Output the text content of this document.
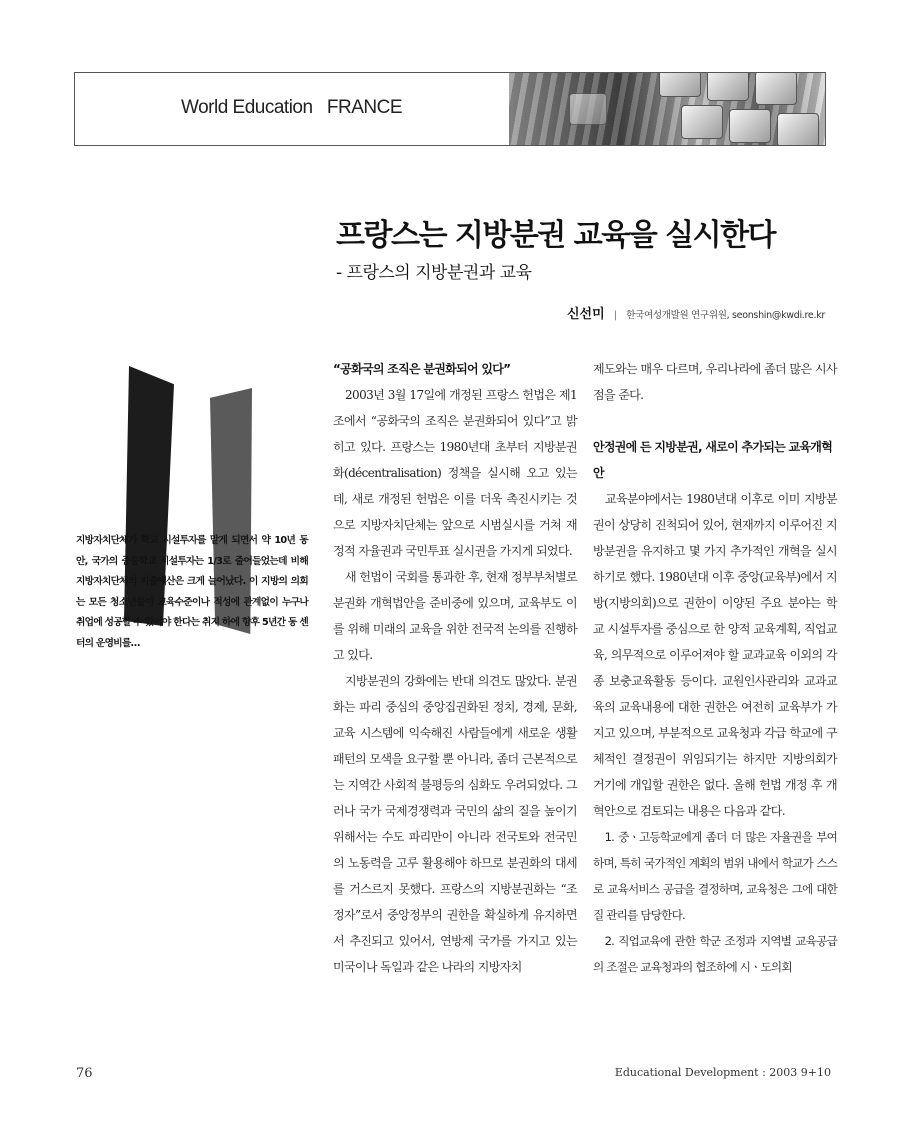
World Education   FRANCE
프랑스는 지방분권 교육을 실시한다
- 프랑스의 지방분권과 교육
신선미 | 한국여성개발원 연구위원, seonshin@kwdi.re.kr
지방자치단체가 학교 시설투자를 맡게 되면서 약 10년 동안, 국가의 중등학교 시설투자는 1/3로 줄어들었는데 비해 지방자치단체의 지출예산은 크게 늘어났다. 이 지방의 의회는 모든 청소년들이 교육수준이나 적성에 관계없이 누구나 취업에 성공할 수 있어야 한다는 취지 하에 향후 5년간 동 센터의 운영비를…
“공화국의 조직은 분권화되어 있다”

2003년 3월 17일에 개정된 프랑스 헌법은 제1조에서 “공화국의 조직은 분권화되어 있다”고 밝히고 있다. 프랑스는 1980년대 초부터 지방분권화(décentralisation) 정책을 실시해 오고 있는데, 새로 개정된 헌법은 이를 더욱 촉진시키는 것으로 지방자치단체는 앞으로 시범실시를 거쳐 재정적 자율권과 국민투표 실시권을 가지게 되었다.

새 헌법이 국회를 통과한 후, 현재 정부부처별로 분권화 개혁법안을 준비중에 있으며, 교육부도 이를 위해 미래의 교육을 위한 전국적 논의를 진행하고 있다.

지방분권의 강화에는 반대 의견도 많았다. 분권화는 파리 중심의 중앙집권화된 정치, 경제, 문화, 교육 시스템에 익숙해진 사람들에게 새로운 생활패턴의 모색을 요구할 뿐 아니라, 좀더 근본적으로는 지역간 사회적 불평등의 심화도 우려되었다. 그러나 국가 국제경쟁력과 국민의 삶의 질을 높이기 위해서는 수도 파리만이 아니라 전국토와 전국민의 노동력을 고루 활용해야 하므로 분권화의 대세를 거스르지 못했다. 프랑스의 지방분권화는 “조정자”로서 중앙정부의 권한을 확실하게 유지하면서 추진되고 있어서, 연방제 국가를 가지고 있는 미국이나 독일과 같은 나라의 지방자치

제도와는 매우 다르며, 우리나라에 좀더 많은 시사점을 준다.

안정권에 든 지방분권, 새로이 추가되는 교육개혁안

교육분야에서는 1980년대 이후로 이미 지방분권이 상당히 진척되어 있어, 현재까지 이루어진 지방분권을 유지하고 몇 가지 추가적인 개혁을 실시하기로 했다. 1980년대 이후 중앙(교육부)에서 지방(지방의회)으로 권한이 이양된 주요 분야는 학교 시설투자를 중심으로 한 양적 교육계획, 직업교육, 의무적으로 이루어져야 할 교과교육 이외의 각종 보충교육활동 등이다. 교원인사관리와 교과교육의 교육내용에 대한 권한은 여전히 교육부가 가지고 있으며, 부분적으로 교육청과 각급 학교에 구체적인 결정권이 위임되기는 하지만 지방의회가 거기에 개입할 권한은 없다. 올해 헌법 개정 후 개혁안으로 검토되는 내용은 다음과 같다.

1. 중ㆍ고등학교에게 좀더 더 많은 자율권을 부여하며, 특히 국가적인 계획의 범위 내에서 학교가 스스로 교육서비스 공급을 결정하며, 교육청은 그에 대한 질 관리를 담당한다.

2. 직업교육에 관한 학군 조정과 지역별 교육공급의 조절은 교육청과의 협조하에 시ㆍ도의회

76	Educational Development : 2003 9+10
